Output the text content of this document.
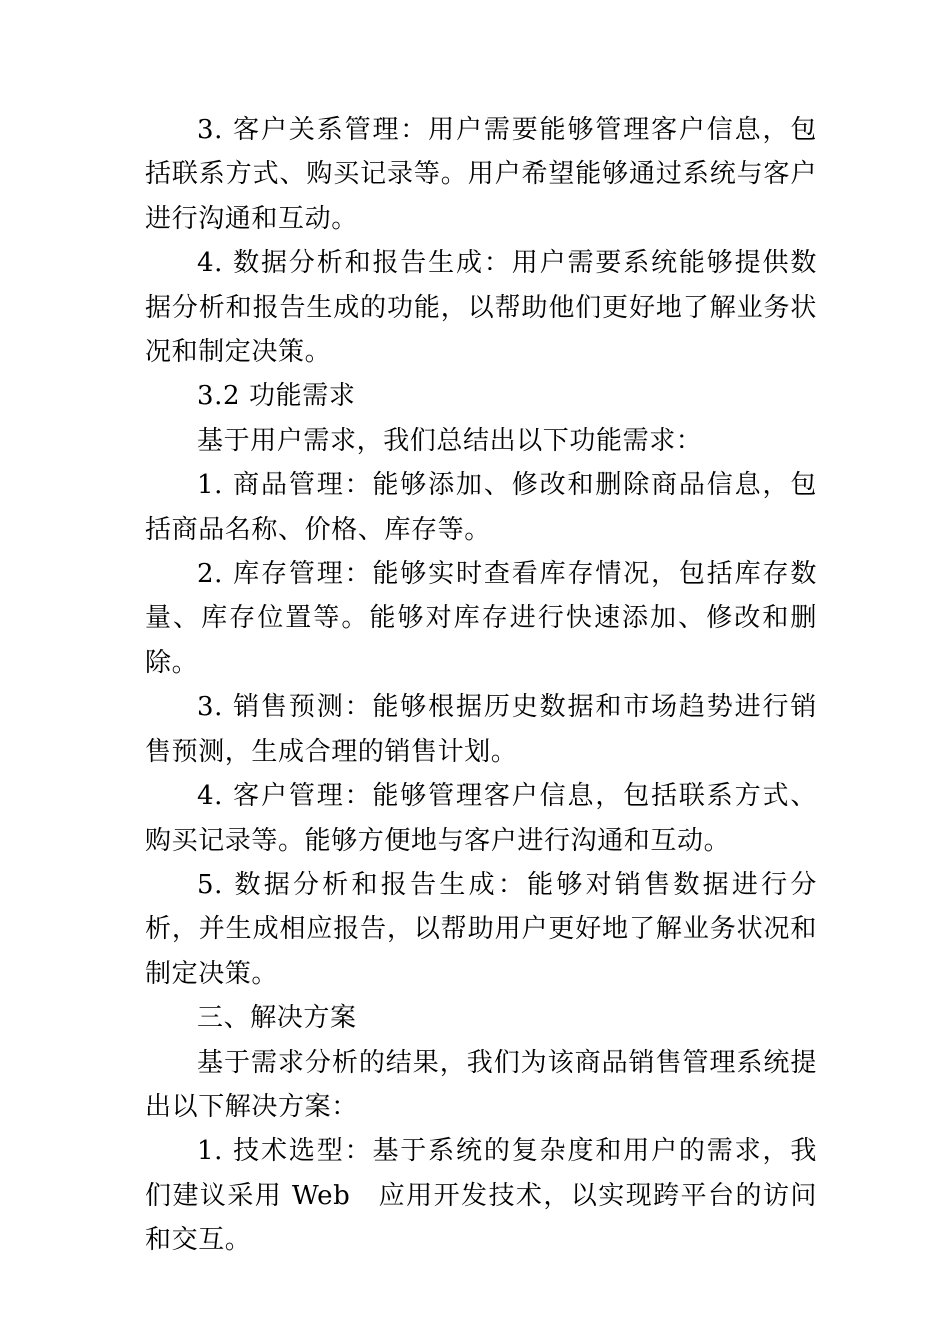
3. 客户关系管理：用户需要能够管理客户信息，包括联系方式、购买记录等。用户希望能够通过系统与客户进行沟通和互动。

4. 数据分析和报告生成：用户需要系统能够提供数据分析和报告生成的功能，以帮助他们更好地了解业务状况和制定决策。

3.2 功能需求

基于用户需求，我们总结出以下功能需求：

1. 商品管理：能够添加、修改和删除商品信息，包括商品名称、价格、库存等。

2. 库存管理：能够实时查看库存情况，包括库存数量、库存位置等。能够对库存进行快速添加、修改和删除。

3. 销售预测：能够根据历史数据和市场趋势进行销售预测，生成合理的销售计划。

4. 客户管理：能够管理客户信息，包括联系方式、购买记录等。能够方便地与客户进行沟通和互动。

5. 数据分析和报告生成：能够对销售数据进行分析，并生成相应报告，以帮助用户更好地了解业务状况和制定决策。

三、解决方案

基于需求分析的结果，我们为该商品销售管理系统提出以下解决方案：

1. 技术选型：基于系统的复杂度和用户的需求，我们建议采用 Web　应用开发技术，以实现跨平台的访问和交互。
